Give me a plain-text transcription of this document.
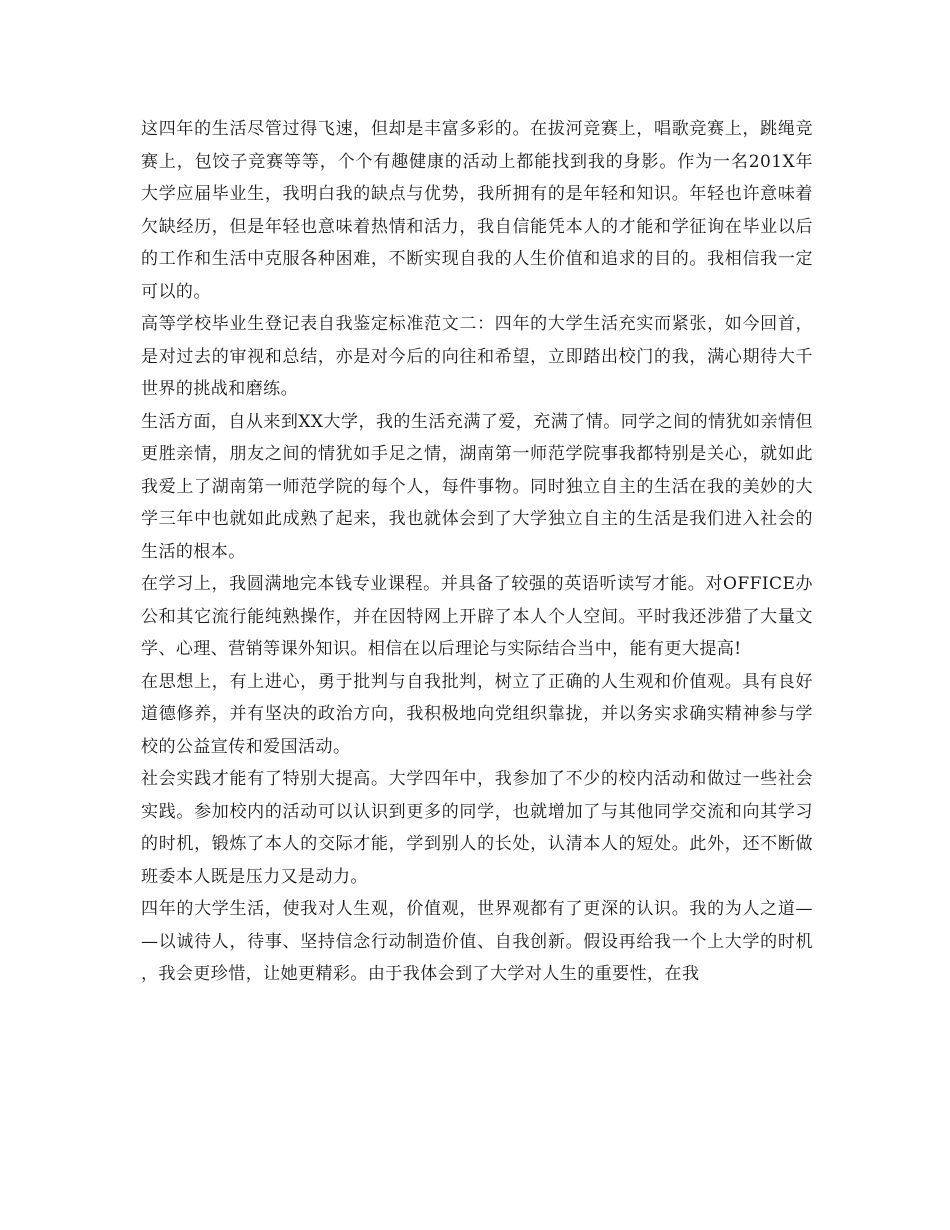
这四年的生活尽管过得飞速，但却是丰富多彩的。在拔河竞赛上，唱歌竞赛上，跳绳竞赛上，包饺子竞赛等等，个个有趣健康的活动上都能找到我的身影。作为一名201X年大学应届毕业生，我明白我的缺点与优势，我所拥有的是年轻和知识。年轻也许意味着欠缺经历，但是年轻也意味着热情和活力，我自信能凭本人的才能和学征询在毕业以后的工作和生活中克服各种困难，不断实现自我的人生价值和追求的目的。我相信我一定可以的。

高等学校毕业生登记表自我鉴定标准范文二：四年的大学生活充实而紧张，如今回首，是对过去的审视和总结，亦是对今后的向往和希望，立即踏出校门的我，满心期待大千世界的挑战和磨练。

生活方面，自从来到XX大学，我的生活充满了爱，充满了情。同学之间的情犹如亲情但更胜亲情，朋友之间的情犹如手足之情，湖南第一师范学院事我都特别是关心，就如此我爱上了湖南第一师范学院的每个人，每件事物。同时独立自主的生活在我的美妙的大学三年中也就如此成熟了起来，我也就体会到了大学独立自主的生活是我们进入社会的生活的根本。

在学习上，我圆满地完本钱专业课程。并具备了较强的英语听读写才能。对OFFICE办公和其它流行能纯熟操作，并在因特网上开辟了本人个人空间。平时我还涉猎了大量文学、心理、营销等课外知识。相信在以后理论与实际结合当中，能有更大提高!

在思想上，有上进心，勇于批判与自我批判，树立了正确的人生观和价值观。具有良好道德修养，并有坚决的政治方向，我积极地向党组织靠拢，并以务实求确实精神参与学校的公益宣传和爱国活动。

社会实践才能有了特别大提高。大学四年中，我参加了不少的校内活动和做过一些社会实践。参加校内的活动可以认识到更多的同学，也就增加了与其他同学交流和向其学习的时机，锻炼了本人的交际才能，学到别人的长处，认清本人的短处。此外，还不断做班委本人既是压力又是动力。

四年的大学生活，使我对人生观，价值观，世界观都有了更深的认识。我的为人之道——以诚待人，待事、坚持信念行动制造价值、自我创新。假设再给我一个上大学的时机，我会更珍惜，让她更精彩。由于我体会到了大学对人生的重要性，在我
